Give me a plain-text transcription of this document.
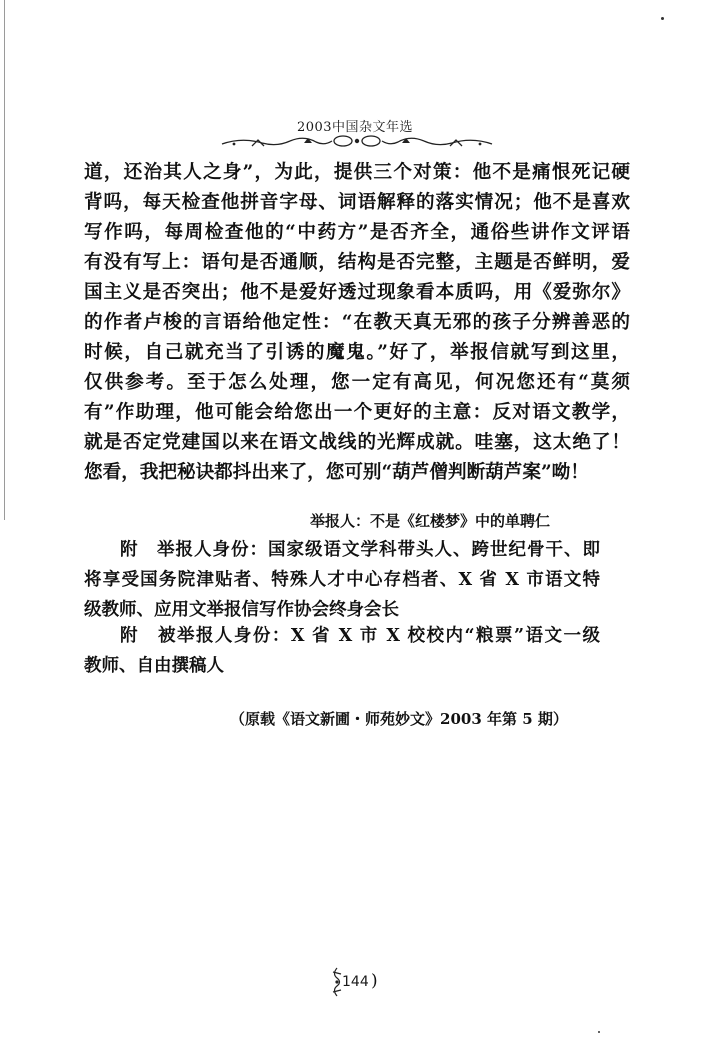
2003中国杂文年选
道，还治其人之身”，为此，提供三个对策：他不是痛恨死记硬
背吗，每天检查他拼音字母、词语解释的落实情况；他不是喜欢
写作吗，每周检查他的“中药方”是否齐全，通俗些讲作文评语
有没有写上：语句是否通顺，结构是否完整，主题是否鲜明，爱
国主义是否突出；他不是爱好透过现象看本质吗，用《爱弥尔》
的作者卢梭的言语给他定性：“在教天真无邪的孩子分辨善恶的
时候，自己就充当了引诱的魔鬼。”好了，举报信就写到这里，
仅供参考。至于怎么处理，您一定有高见，何况您还有“莫须
有”作助理，他可能会给您出一个更好的主意：反对语文教学，
就是否定党建国以来在语文战线的光辉成就。哇塞，这太绝了！
您看，我把秘诀都抖出来了，您可别“葫芦僧判断葫芦案”呦！
举报人：不是《红楼梦》中的单聘仁
附　举报人身份：国家级语文学科带头人、跨世纪骨干、即
将享受国务院津贴者、特殊人才中心存档者、X 省 X 市语文特
级教师、应用文举报信写作协会终身会长
附　被举报人身份：X 省 X 市 X 校校内“粮票”语文一级
教师、自由撰稿人
（原载《语文新圃・师苑妙文》2003 年第 5 期）
144 )
